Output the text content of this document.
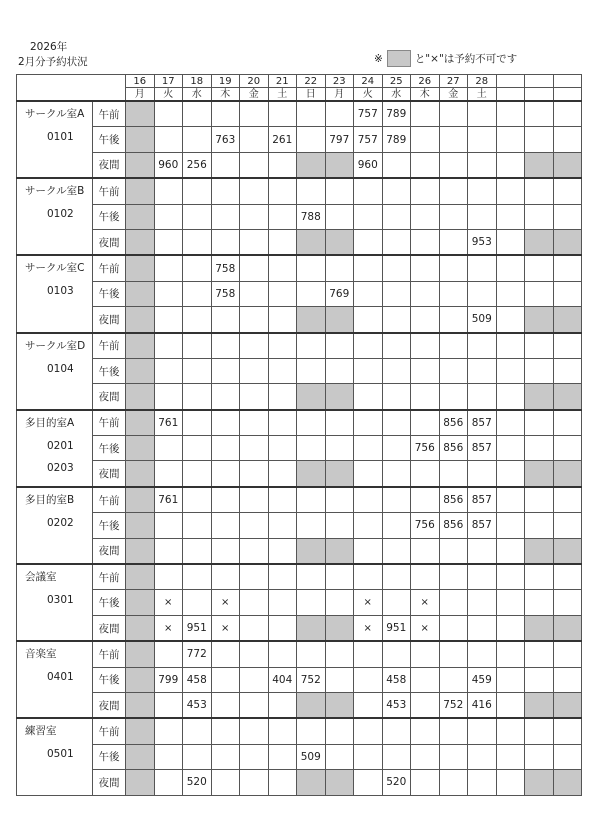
2026年
2月分予約状況	※	と"×"は予約不可です
		16	17	18	19	20	21	22	23	24	25	26	27	28			
		月	火	水	木	金	土	日	月	火	水	木	金	土			

サークル室A
0101	午前									757	789						
	午後				763		261		797	757	789						
	夜間		960	256						960							

サークル室B
0102	午前																
	午後							788									
	夜間													953			

サークル室C
0103	午前				758												
	午後				758				769								
	夜間													509			

サークル室D
0104	午前																
	午後																
	夜間																

多目的室A
0201
0203	午前		761										856	857			
	午後											756	856	857			
	夜間																

多目的室B
0202	午前		761										856	857			
	午後											756	856	857			
	夜間																

会議室
0301	午前																
	午後		×		×					×		×					
	夜間		×	951	×					×	951	×					

音楽室
0401	午前			772													
	午後		799	458			404	752			458			459			
	夜間			453							453		752	416			

練習室
0501	午前																
	午後							509									
	夜間			520							520						
